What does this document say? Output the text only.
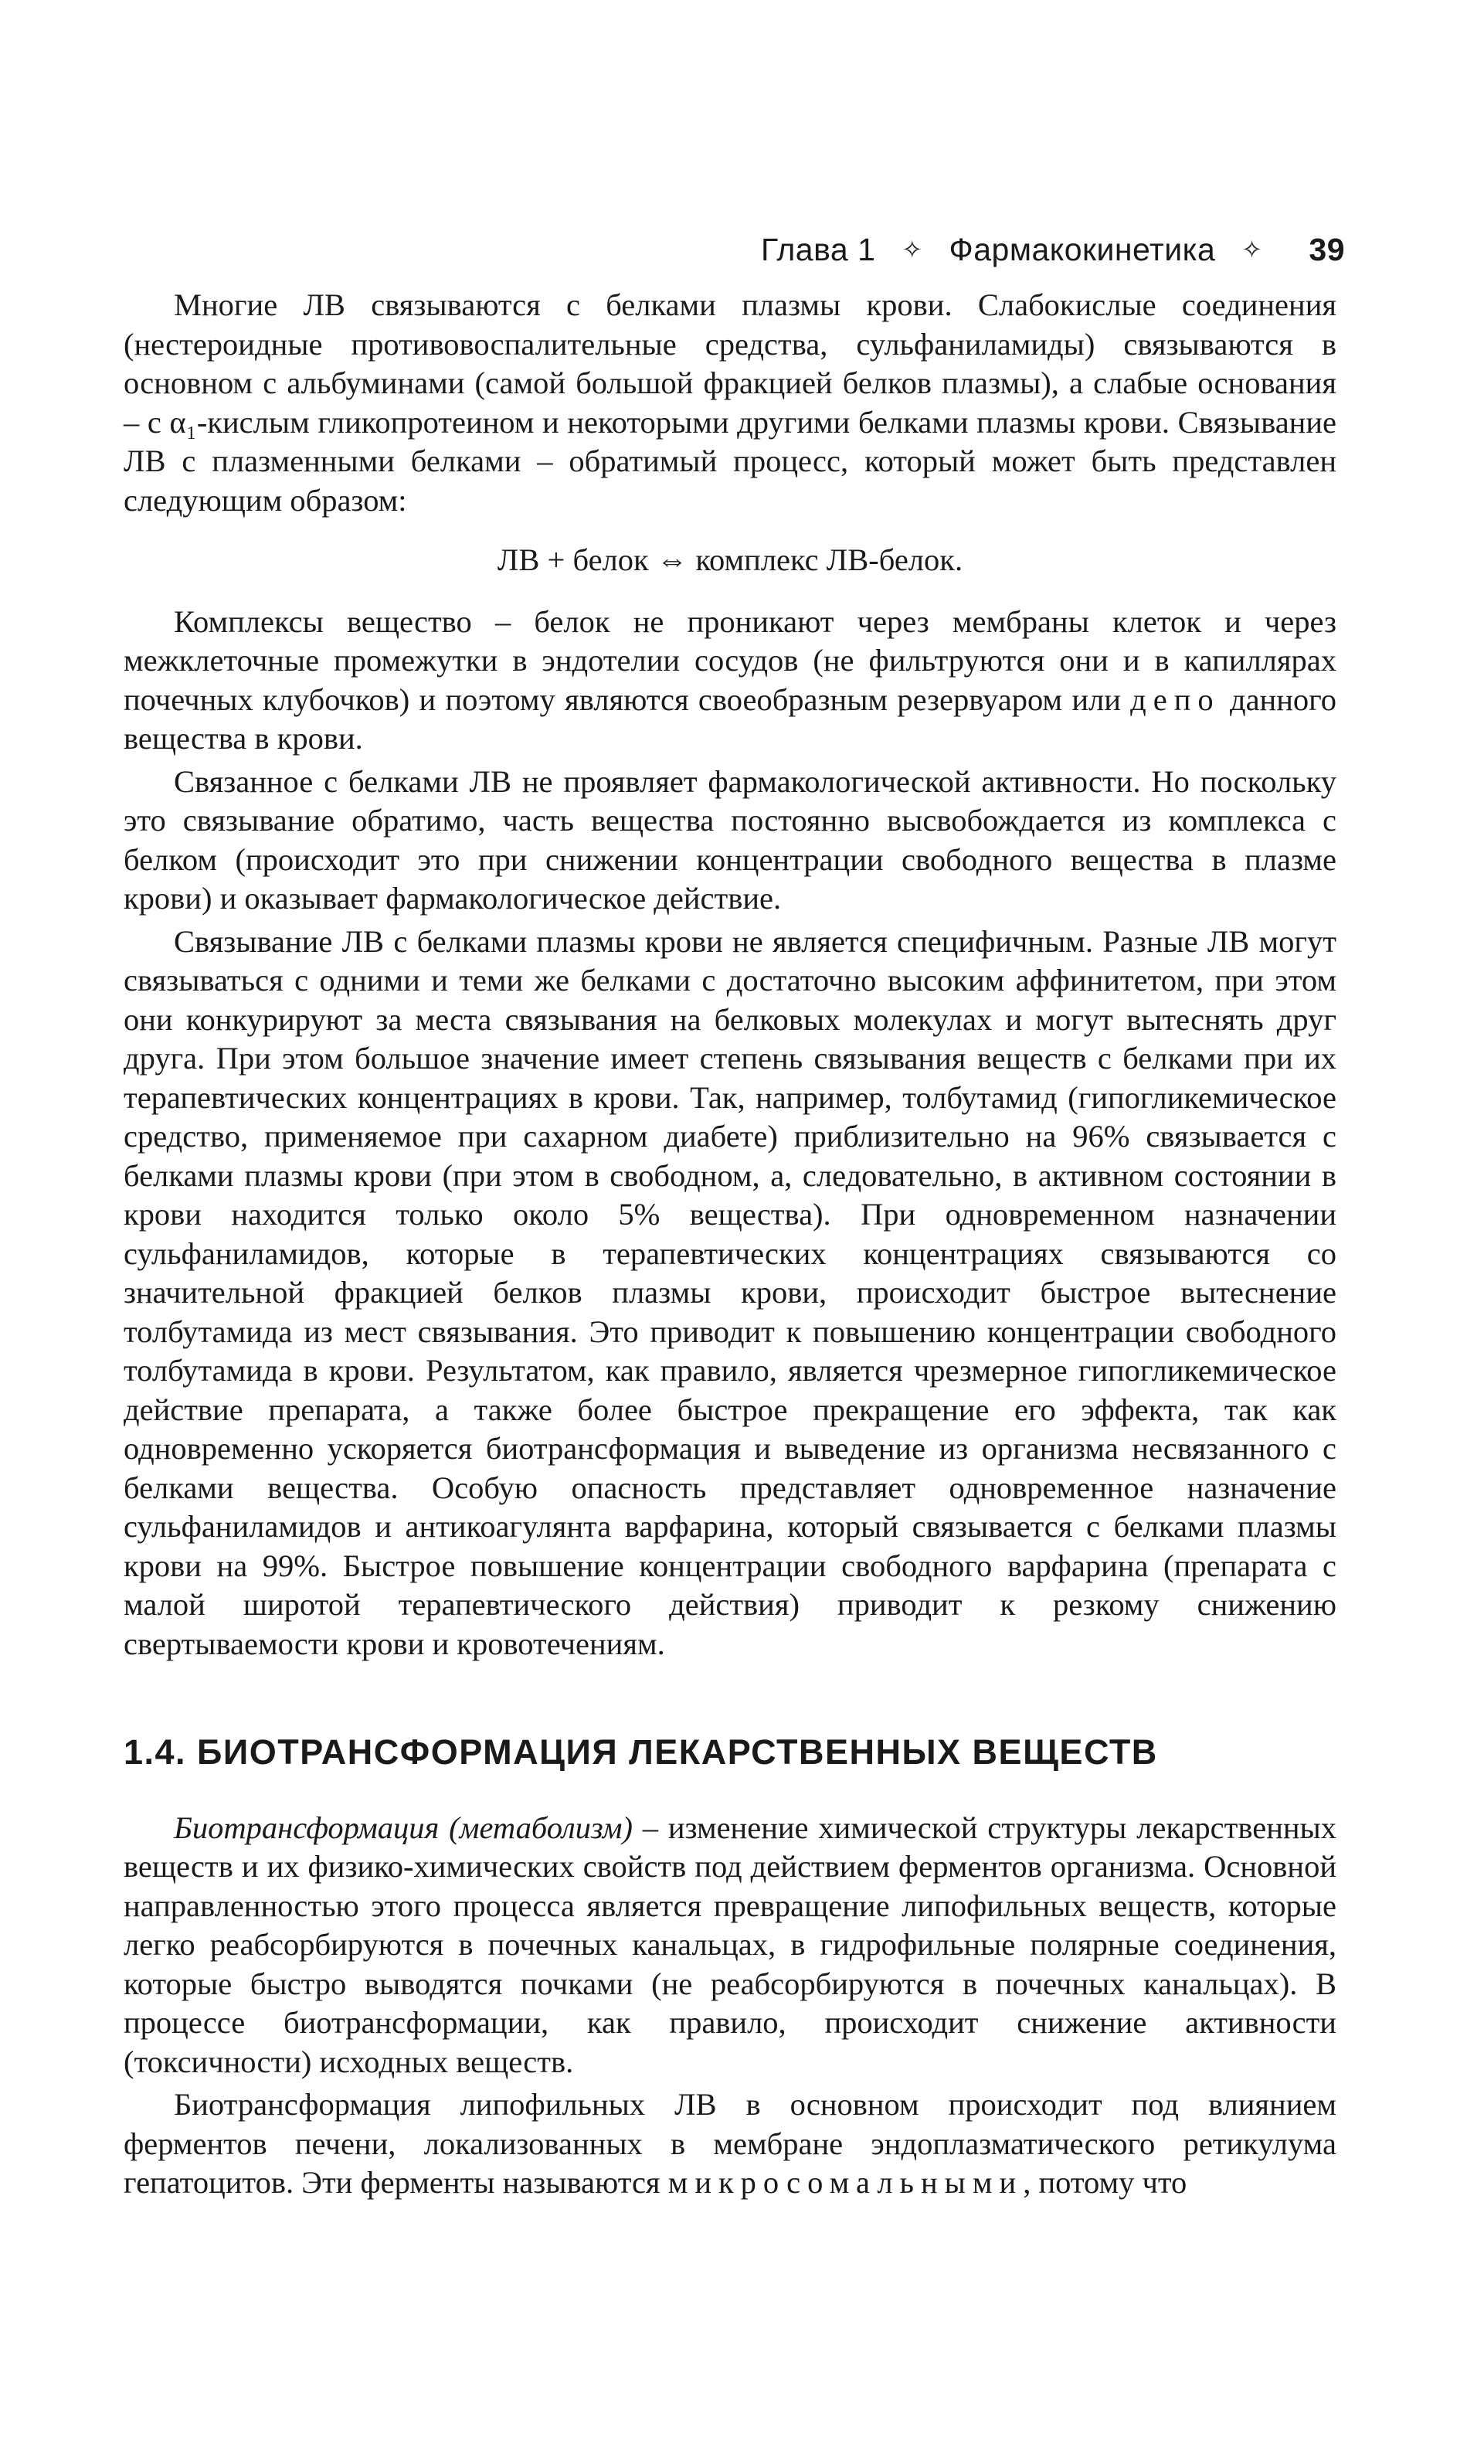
Глава 1 ✧ Фармакокинетика ✧ 39

Многие ЛВ связываются с белками плазмы крови. Слабокислые соединения (нестероидные противовоспалительные средства, сульфаниламиды) связываются в основном с альбуминами (самой большой фракцией белков плазмы), а слабые основания – с α₁-кислым гликопротеином и некоторыми другими белками плазмы крови. Связывание ЛВ с плазменными белками – обратимый процесс, который может быть представлен следующим образом:

ЛВ + белок ⇔ комплекс ЛВ-белок.

Комплексы вещество – белок не проникают через мембраны клеток и через межклеточные промежутки в эндотелии сосудов (не фильтруются они и в капиллярах почечных клубочков) и поэтому являются своеобразным резервуаром или депо данного вещества в крови.

Связанное с белками ЛВ не проявляет фармакологической активности. Но поскольку это связывание обратимо, часть вещества постоянно высвобождается из комплекса с белком (происходит это при снижении концентрации свободного вещества в плазме крови) и оказывает фармакологическое действие.

Связывание ЛВ с белками плазмы крови не является специфичным. Разные ЛВ могут связываться с одними и теми же белками с достаточно высоким аффинитетом, при этом они конкурируют за места связывания на белковых молекулах и могут вытеснять друг друга. При этом большое значение имеет степень связывания веществ с белками при их терапевтических концентрациях в крови. Так, например, толбутамид (гипогликемическое средство, применяемое при сахарном диабете) приблизительно на 96% связывается с белками плазмы крови (при этом в свободном, а, следовательно, в активном состоянии в крови находится только около 5% вещества). При одновременном назначении сульфаниламидов, которые в терапевтических концентрациях связываются со значительной фракцией белков плазмы крови, происходит быстрое вытеснение толбутамида из мест связывания. Это приводит к повышению концентрации свободного толбутамида в крови. Результатом, как правило, является чрезмерное гипогликемическое действие препарата, а также более быстрое прекращение его эффекта, так как одновременно ускоряется биотрансформация и выведение из организма несвязанного с белками вещества. Особую опасность представляет одновременное назначение сульфаниламидов и антикоагулянта варфарина, который связывается с белками плазмы крови на 99%. Быстрое повышение концентрации свободного варфарина (препарата с малой широтой терапевтического действия) приводит к резкому снижению свертываемости крови и кровотечениям.

1.4. БИОТРАНСФОРМАЦИЯ ЛЕКАРСТВЕННЫХ ВЕЩЕСТВ

Биотрансформация (метаболизм) – изменение химической структуры лекарственных веществ и их физико-химических свойств под действием ферментов организма. Основной направленностью этого процесса является превращение липофильных веществ, которые легко реабсорбируются в почечных канальцах, в гидрофильные полярные соединения, которые быстро выводятся почками (не реабсорбируются в почечных канальцах). В процессе биотрансформации, как правило, происходит снижение активности (токсичности) исходных веществ.

Биотрансформация липофильных ЛВ в основном происходит под влиянием ферментов печени, локализованных в мембране эндоплазматического ретикулума гепатоцитов. Эти ферменты называются микросомальными, потому что
